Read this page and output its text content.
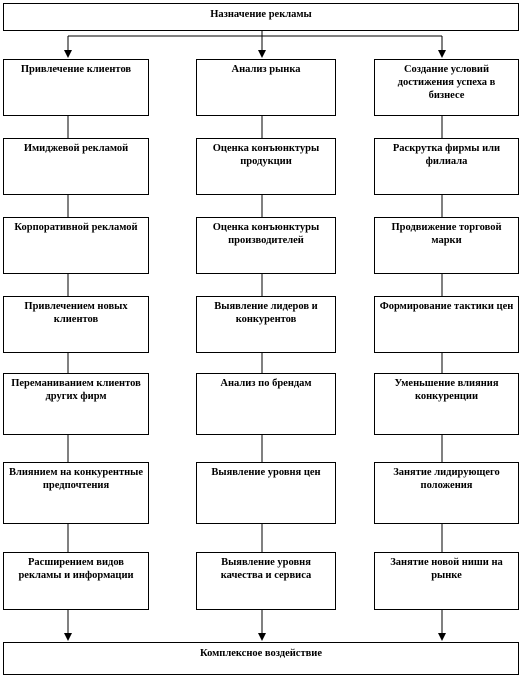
Назначение рекламы
Привлечение клиентов
Имиджевой рекламой
Корпоративной рекламой
Привлечением новых клиентов
Переманиванием клиентов других фирм
Влиянием на конкурентные предпочтения
Расширением видов рекламы и информации
Анализ рынка
Оценка конъюнктуры продукции
Оценка конъюнктуры производителей
Выявление лидеров и конкурентов
Анализ по брендам
Выявление уровня цен
Выявление уровня качества и сервиса
Создание условий достижения успеха в бизнесе
Раскрутка фирмы или филиала
Продвижение торговой марки
Формирование тактики цен
Уменьшение влияния конкуренции
Занятие лидирующего положения
Занятие новой ниши на рынке
Комплексное воздействие
